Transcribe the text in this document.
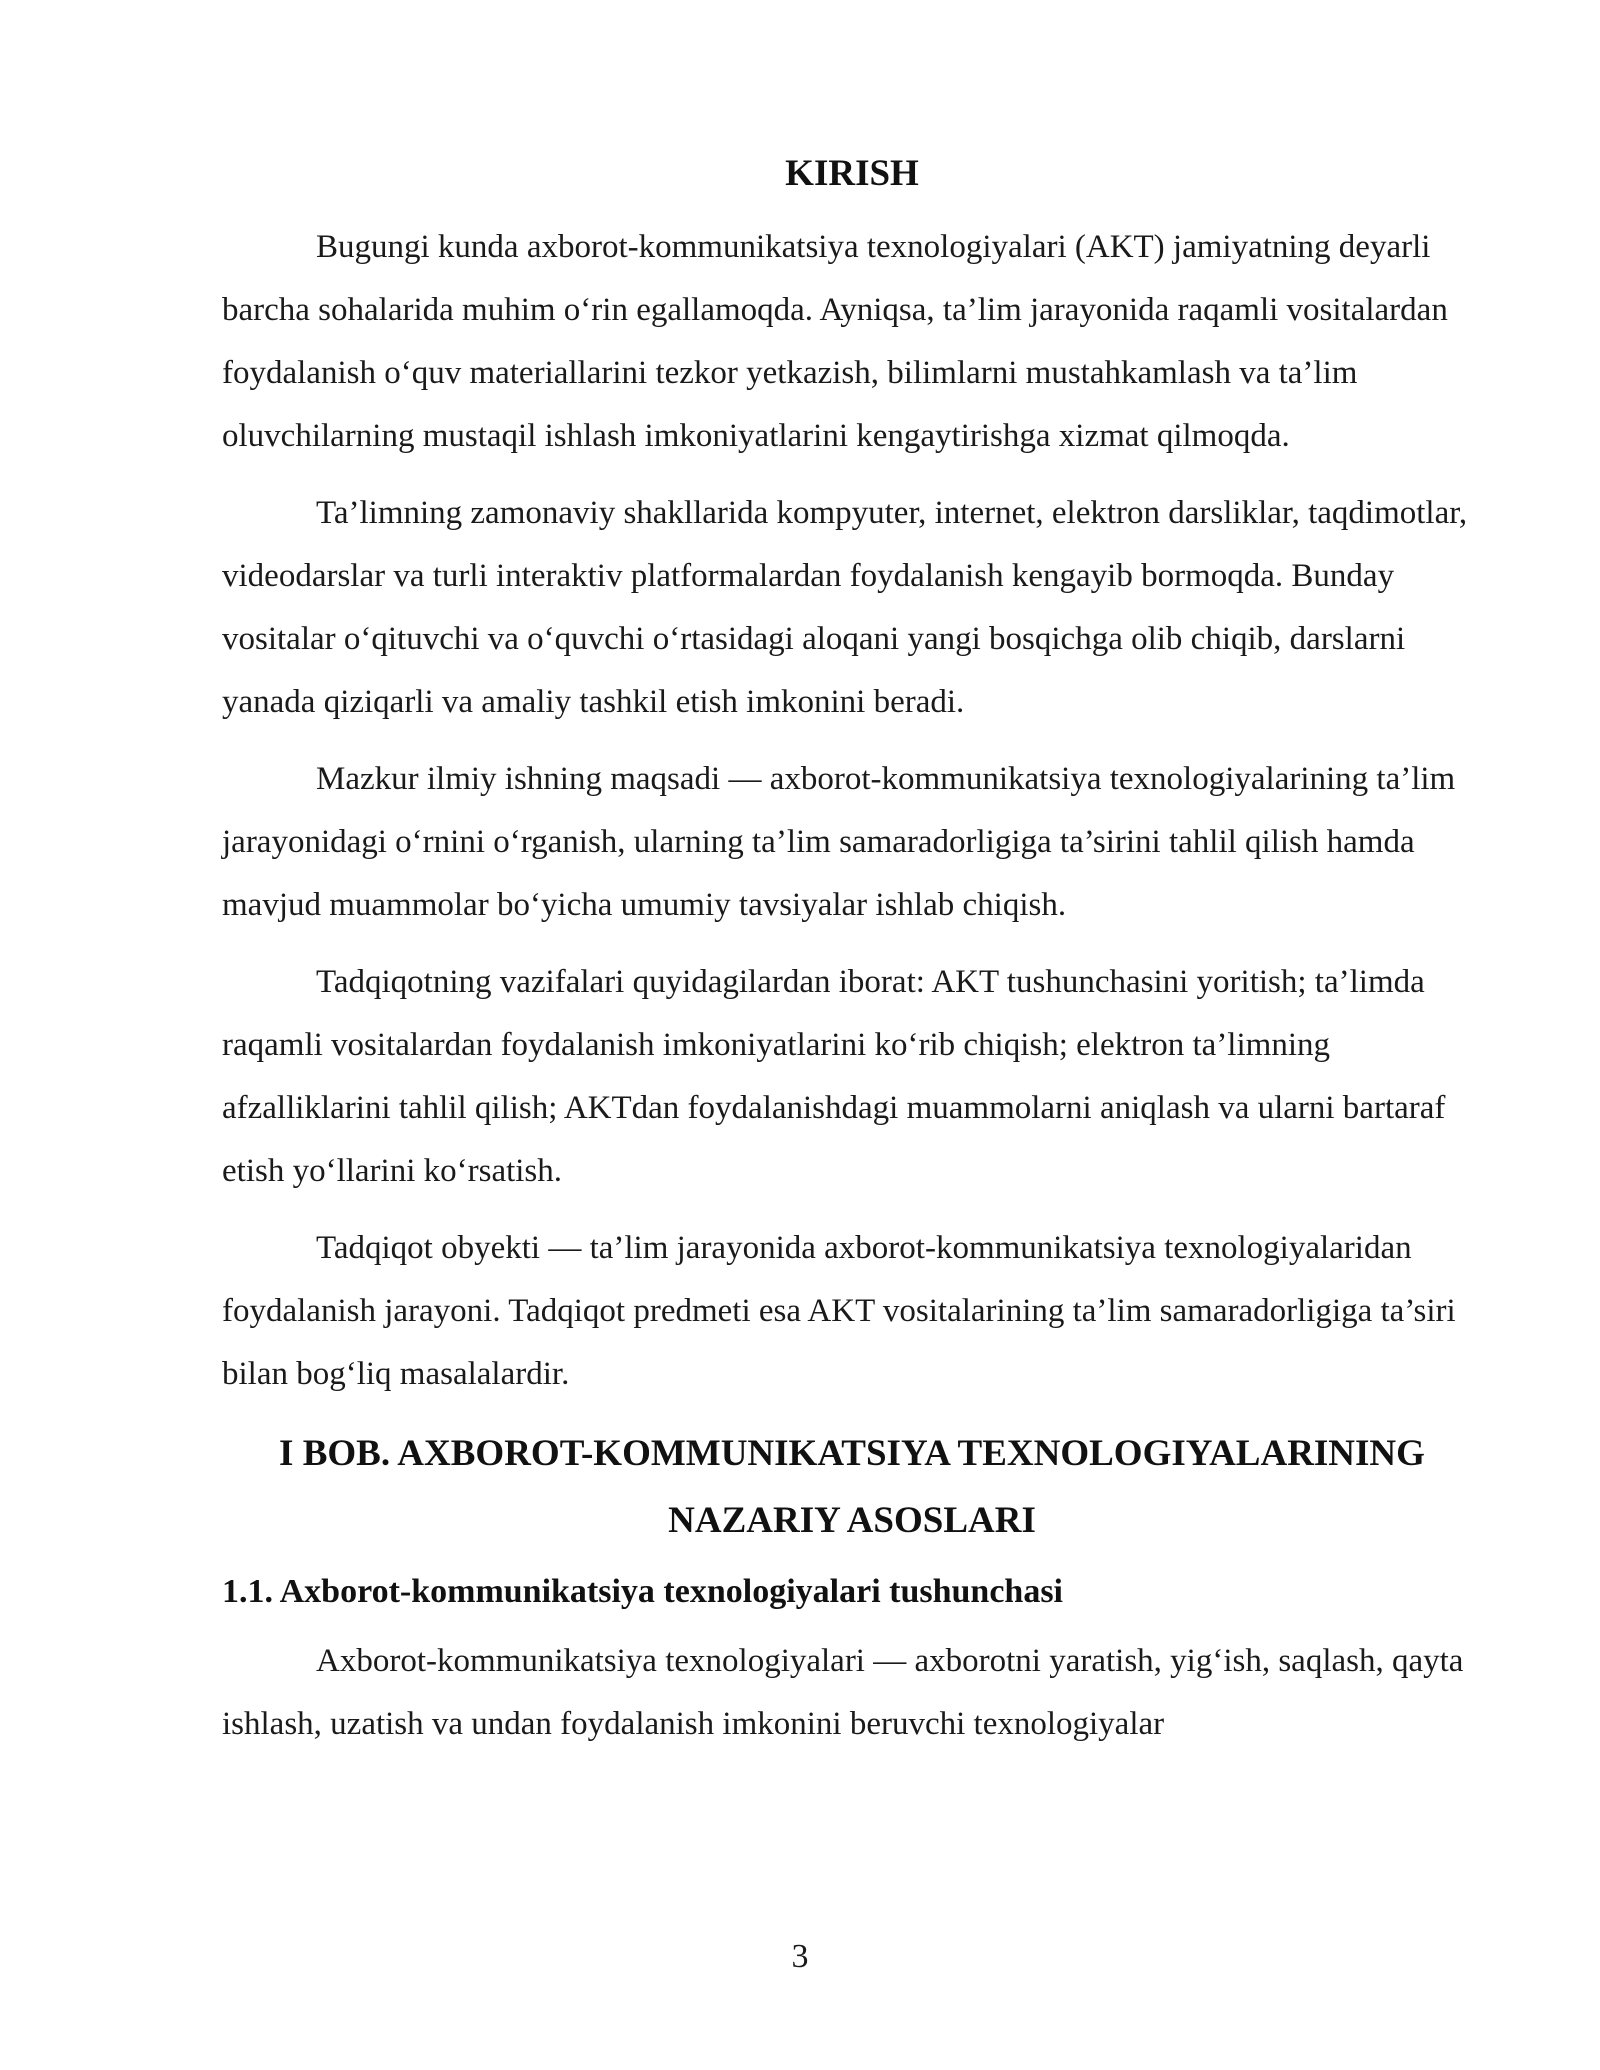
KIRISH

Bugungi kunda axborot-kommunikatsiya texnologiyalari (AKT) jamiyatning deyarli barcha sohalarida muhim o‘rin egallamoqda. Ayniqsa, ta’lim jarayonida raqamli vositalardan foydalanish o‘quv materiallarini tezkor yetkazish, bilimlarni mustahkamlash va ta’lim oluvchilarning mustaqil ishlash imkoniyatlarini kengaytirishga xizmat qilmoqda.

Ta’limning zamonaviy shakllarida kompyuter, internet, elektron darsliklar, taqdimotlar, videodarslar va turli interaktiv platformalardan foydalanish kengayib bormoqda. Bunday vositalar o‘qituvchi va o‘quvchi o‘rtasidagi aloqani yangi bosqichga olib chiqib, darslarni yanada qiziqarli va amaliy tashkil etish imkonini beradi.

Mazkur ilmiy ishning maqsadi — axborot-kommunikatsiya texnologiyalarining ta’lim jarayonidagi o‘rnini o‘rganish, ularning ta’lim samaradorligiga ta’sirini tahlil qilish hamda mavjud muammolar bo‘yicha umumiy tavsiyalar ishlab chiqish.

Tadqiqotning vazifalari quyidagilardan iborat: AKT tushunchasini yoritish; ta’limda raqamli vositalardan foydalanish imkoniyatlarini ko‘rib chiqish; elektron ta’limning afzalliklarini tahlil qilish; AKTdan foydalanishdagi muammolarni aniqlash va ularni bartaraf etish yo‘llarini ko‘rsatish.

Tadqiqot obyekti — ta’lim jarayonida axborot-kommunikatsiya texnologiyalaridan foydalanish jarayoni. Tadqiqot predmeti esa AKT vositalarining ta’lim samaradorligiga ta’siri bilan bog‘liq masalalardir.

I BOB. AXBOROT-KOMMUNIKATSIYA TEXNOLOGIYALARINING NAZARIY ASOSLARI
1.1. Axborot-kommunikatsiya texnologiyalari tushunchasi

Axborot-kommunikatsiya texnologiyalari — axborotni yaratish, yig‘ish, saqlash, qayta ishlash, uzatish va undan foydalanish imkonini beruvchi texnologiyalar

3
